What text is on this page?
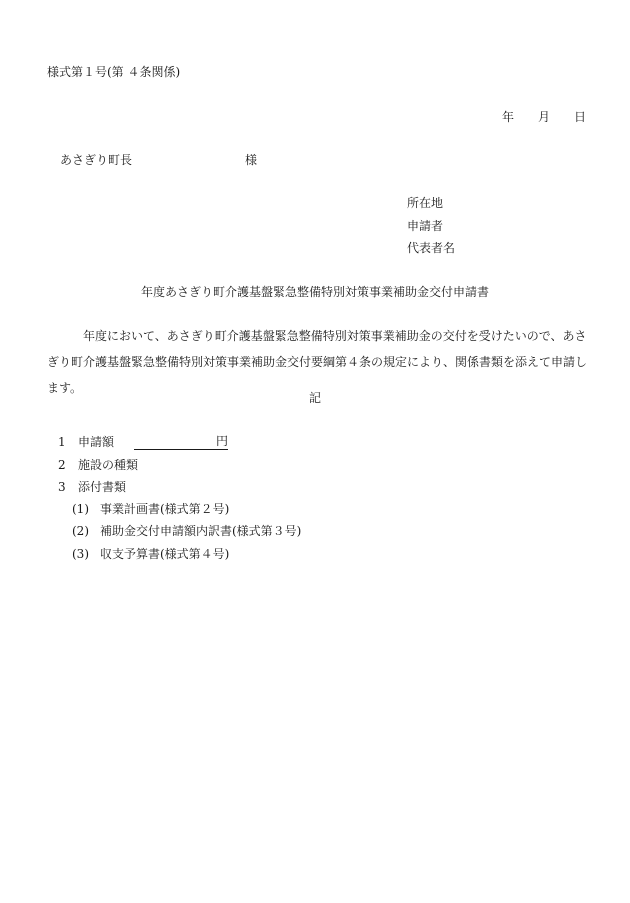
様式第１号(第 ４条関係)
年 月 日
あさぎり町長	様
所在地
申請者
代表者名
年度あさぎり町介護基盤緊急整備特別対策事業補助金交付申請書
年度において、あさぎり町介護基盤緊急整備特別対策事業補助金の交付を受けたいので、あさぎり町介護基盤緊急整備特別対策事業補助金交付要綱第４条の規定により、関係書類を添えて申請します。
記
1 申請額	円
2 施設の種類
3 添付書類
(1) 事業計画書(様式第２号)
(2) 補助金交付申請額内訳書(様式第３号)
(3) 収支予算書(様式第４号)
